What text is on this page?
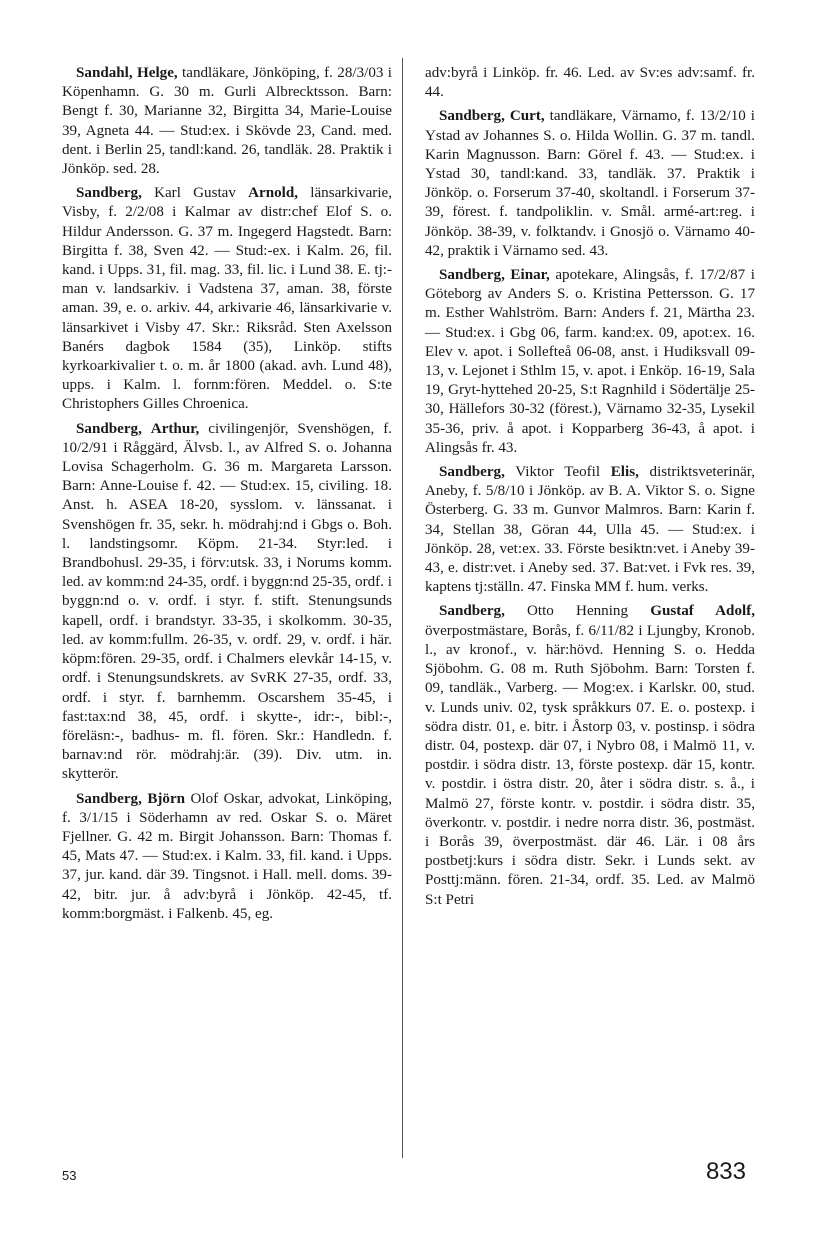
Sandahl, Helge, tandläkare, Jönköping, f. 28/3/03 i Köpenhamn. G. 30 m. Gurli Albrecktsson. Barn: Bengt f. 30, Marianne 32, Birgitta 34, Marie-Louise 39, Agneta 44. — Stud:ex. i Skövde 23, Cand. med. dent. i Berlin 25, tandl:kand. 26, tandläk. 28. Praktik i Jönköp. sed. 28.

Sandberg, Karl Gustav Arnold, länsarkivarie, Visby, f. 2/2/08 i Kalmar av distr:chef Elof S. o. Hildur Andersson. G. 37 m. Ingegerd Hagstedt. Barn: Birgitta f. 38, Sven 42. — Stud:-ex. i Kalm. 26, fil. kand. i Upps. 31, fil. mag. 33, fil. lic. i Lund 38. E. tj:-man v. landsarkiv. i Vadstena 37, aman. 38, förste aman. 39, e. o. arkiv. 44, arkivarie 46, länsarkivarie v. länsarkivet i Visby 47. Skr.: Riksråd. Sten Axelsson Banérs dagbok 1584 (35), Linköp. stifts kyrkoarkivalier t. o. m. år 1800 (akad. avh. Lund 48), upps. i Kalm. l. fornm:fören. Meddel. o. S:te Christophers Gilles Chroenica.

Sandberg, Arthur, civilingenjör, Svenshögen, f. 10/2/91 i Råggärd, Älvsb. l., av Alfred S. o. Johanna Lovisa Schagerholm. G. 36 m. Margareta Larsson. Barn: Anne-Louise f. 42. — Stud:ex. 15, civiling. 18. Anst. h. ASEA 18-20, sysslom. v. länssanat. i Svenshögen fr. 35, sekr. h. mödrahj:nd i Gbgs o. Boh. l. landstingsomr. Köpm. 21-34. Styr:led. i Brandbohusl. 29-35, i förv:utsk. 33, i Norums komm. led. av komm:nd 24-35, ordf. i byggn:nd 25-35, ordf. i byggn:nd o. v. ordf. i styr. f. stift. Stenungsunds kapell, ordf. i brandstyr. 33-35, i skolkomm. 30-35, led. av komm:fullm. 26-35, v. ordf. 29, v. ordf. i här. köpm:fören. 29-35, ordf. i Chalmers elevkår 14-15, v. ordf. i Stenungsundskrets. av SvRK 27-35, ordf. 33, ordf. i styr. f. barnhemm. Oscarshem 35-45, i fast:tax:nd 38, 45, ordf. i skytte-, idr:-, bibl:-, föreläsn:-, badhus- m. fl. fören. Skr.: Handledn. f. barnav:nd rör. mödrahj:är. (39). Div. utm. in. skytterör.

Sandberg, Björn Olof Oskar, advokat, Linköping, f. 3/1/15 i Söderhamn av red. Oskar S. o. Märet Fjellner. G. 42 m. Birgit Johansson. Barn: Thomas f. 45, Mats 47. — Stud:ex. i Kalm. 33, fil. kand. i Upps. 37, jur. kand. där 39. Tingsnot. i Hall. mell. doms. 39-42, bitr. jur. å adv:byrå i Jönköp. 42-45, tf. komm:borgmäst. i Falkenb. 45, eg.

adv:byrå i Linköp. fr. 46. Led. av Sv:es adv:samf. fr. 44.

Sandberg, Curt, tandläkare, Värnamo, f. 13/2/10 i Ystad av Johannes S. o. Hilda Wollin. G. 37 m. tandl. Karin Magnusson. Barn: Görel f. 43. — Stud:ex. i Ystad 30, tandl:kand. 33, tandläk. 37. Praktik i Jönköp. o. Forserum 37-40, skoltandl. i Forserum 37-39, förest. f. tandpoliklin. v. Smål. armé-art:reg. i Jönköp. 38-39, v. folktandv. i Gnosjö o. Värnamo 40-42, praktik i Värnamo sed. 43.

Sandberg, Einar, apotekare, Alingsås, f. 17/2/87 i Göteborg av Anders S. o. Kristina Pettersson. G. 17 m. Esther Wahlström. Barn: Anders f. 21, Märtha 23. — Stud:ex. i Gbg 06, farm. kand:ex. 09, apot:ex. 16. Elev v. apot. i Sollefteå 06-08, anst. i Hudiksvall 09-13, v. Lejonet i Sthlm 15, v. apot. i Enköp. 16-19, Sala 19, Gryt-hyttehed 20-25, S:t Ragnhild i Södertälje 25-30, Hällefors 30-32 (förest.), Värnamo 32-35, Lysekil 35-36, priv. å apot. i Kopparberg 36-43, å apot. i Alingsås fr. 43.

Sandberg, Viktor Teofil Elis, distriktsveterinär, Aneby, f. 5/8/10 i Jönköp. av B. A. Viktor S. o. Signe Österberg. G. 33 m. Gunvor Malmros. Barn: Karin f. 34, Stellan 38, Göran 44, Ulla 45. — Stud:ex. i Jönköp. 28, vet:ex. 33. Förste besiktn:vet. i Aneby 39-43, e. distr:vet. i Aneby sed. 37. Bat:vet. i Fvk res. 39, kaptens tj:ställn. 47. Finska MM f. hum. verks.

Sandberg, Otto Henning Gustaf Adolf, överpostmästare, Borås, f. 6/11/82 i Ljungby, Kronob. l., av kronof., v. här:hövd. Henning S. o. Hedda Sjöbohm. G. 08 m. Ruth Sjöbohm. Barn: Torsten f. 09, tandläk., Varberg. — Mog:ex. i Karlskr. 00, stud. v. Lunds univ. 02, tysk språkkurs 07. E. o. postexp. i södra distr. 01, e. bitr. i Åstorp 03, v. postinsp. i södra distr. 04, postexp. där 07, i Nybro 08, i Malmö 11, v. postdir. i södra distr. 13, förste postexp. där 15, kontr. v. postdir. i östra distr. 20, åter i södra distr. s. å., i Malmö 27, förste kontr. v. postdir. i södra distr. 35, överkontr. v. postdir. i nedre norra distr. 36, postmäst. i Borås 39, överpostmäst. där 46. Lär. i 08 års postbetj:kurs i södra distr. Sekr. i Lunds sekt. av Posttj:männ. fören. 21-34, ordf. 35. Led. av Malmö S:t Petri

53	833
